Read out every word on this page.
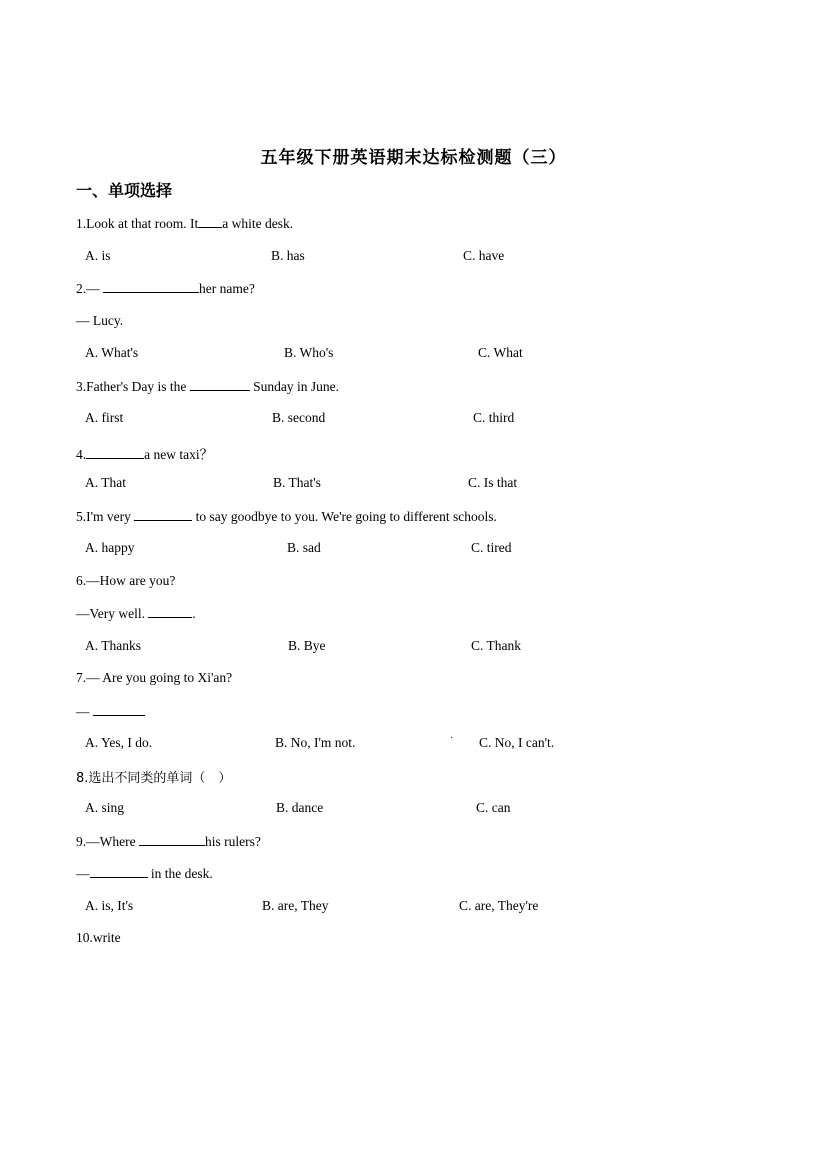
五年级下册英语期末达标检测题（三）
一、单项选择
1.Look at that room. It a white desk.
A. is	B. has	C. have
2.—	her name?
— Lucy.
A. What's	B. Who's	C. What
3.Father's Day is the	Sunday in June.
A. first	B. second	C. third
4.	a new taxi？
A. That	B. That's	C. Is that
5.I'm very	to say goodbye to you. We're going to different schools.
A. happy	B. sad	C. tired
6.—How are you?
—Very well.	.
A. Thanks	B. Bye	C. Thank
7.— Are you going to Xi'an?
—
A. Yes, I do.	B. No, I'm not.	· C. No, I can't.
8.选出不同类的单词（　）
A. sing	B. dance	C. can
9.—Where	his rulers?
—	in the desk.
A. is, It's	B. are, They	C. are, They're
10.write
